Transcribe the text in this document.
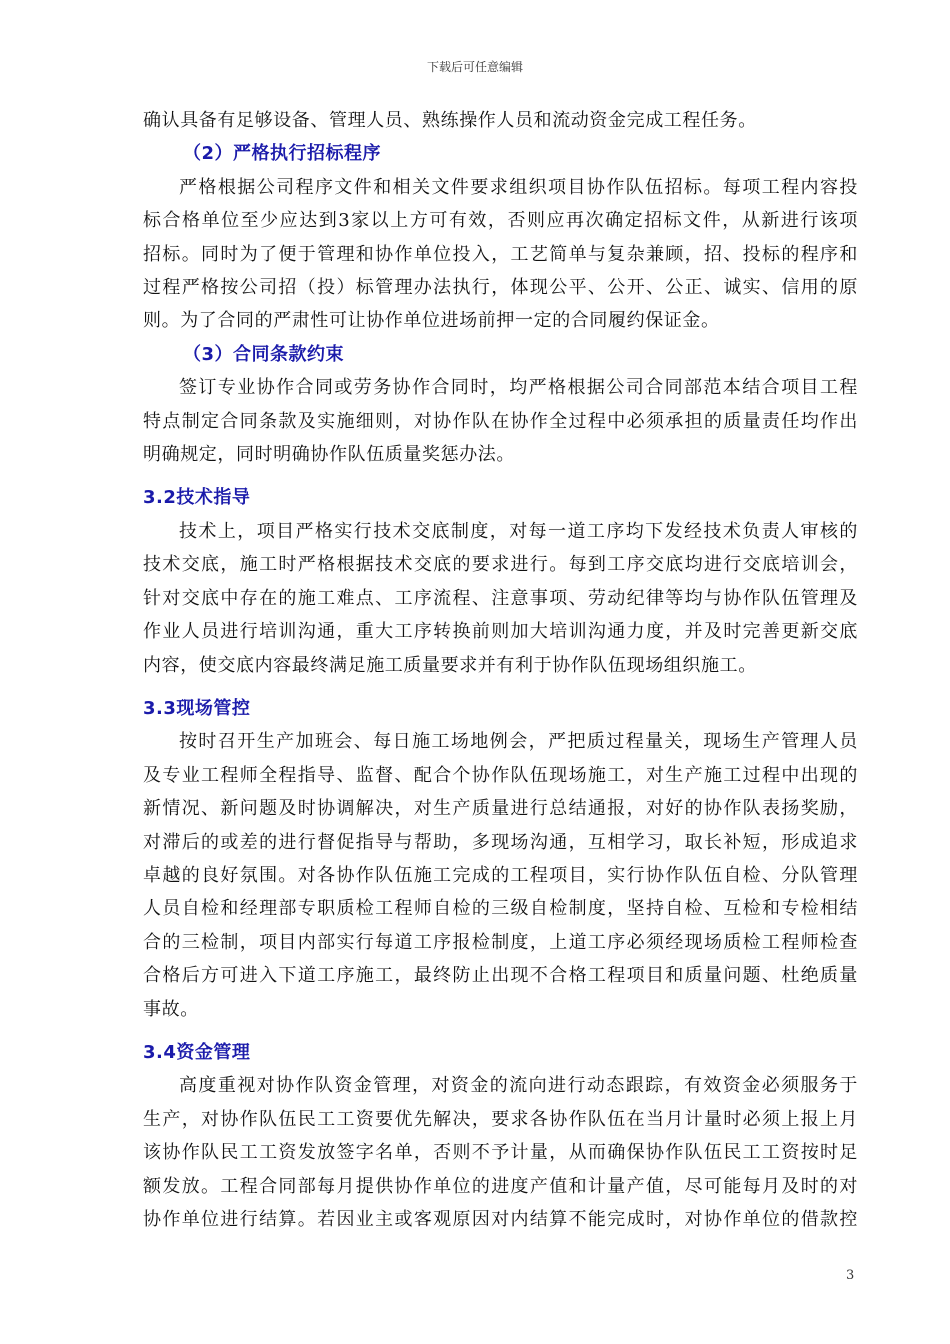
下载后可任意编辑
确认具备有足够设备、管理人员、熟练操作人员和流动资金完成工程任务。
（2）严格执行招标程序
严格根据公司程序文件和相关文件要求组织项目协作队伍招标。每项工程内容投
标合格单位至少应达到3家以上方可有效，否则应再次确定招标文件，从新进行该项
招标。同时为了便于管理和协作单位投入，工艺简单与复杂兼顾，招、投标的程序和
过程严格按公司招（投）标管理办法执行，体现公平、公开、公正、诚实、信用的原
则。为了合同的严肃性可让协作单位进场前押一定的合同履约保证金。
（3）合同条款约束
签订专业协作合同或劳务协作合同时，均严格根据公司合同部范本结合项目工程
特点制定合同条款及实施细则，对协作队在协作全过程中必须承担的质量责任均作出
明确规定，同时明确协作队伍质量奖惩办法。
3.2技术指导
技术上，项目严格实行技术交底制度，对每一道工序均下发经技术负责人审核的
技术交底，施工时严格根据技术交底的要求进行。每到工序交底均进行交底培训会，
针对交底中存在的施工难点、工序流程、注意事项、劳动纪律等均与协作队伍管理及
作业人员进行培训沟通，重大工序转换前则加大培训沟通力度，并及时完善更新交底
内容，使交底内容最终满足施工质量要求并有利于协作队伍现场组织施工。
3.3现场管控
按时召开生产加班会、每日施工场地例会，严把质过程量关，现场生产管理人员
及专业工程师全程指导、监督、配合个协作队伍现场施工，对生产施工过程中出现的
新情况、新问题及时协调解决，对生产质量进行总结通报，对好的协作队表扬奖励，
对滞后的或差的进行督促指导与帮助，多现场沟通，互相学习，取长补短，形成追求
卓越的良好氛围。对各协作队伍施工完成的工程项目，实行协作队伍自检、分队管理
人员自检和经理部专职质检工程师自检的三级自检制度，坚持自检、互检和专检相结
合的三检制，项目内部实行每道工序报检制度，上道工序必须经现场质检工程师检查
合格后方可进入下道工序施工，最终防止出现不合格工程项目和质量问题、杜绝质量
事故。
3.4资金管理
高度重视对协作队资金管理，对资金的流向进行动态跟踪，有效资金必须服务于
生产，对协作队伍民工工资要优先解决，要求各协作队伍在当月计量时必须上报上月
该协作队民工工资发放签字名单，否则不予计量，从而确保协作队伍民工工资按时足
额发放。工程合同部每月提供协作单位的进度产值和计量产值，尽可能每月及时的对
协作单位进行结算。若因业主或客观原因对内结算不能完成时，对协作单位的借款控
3
